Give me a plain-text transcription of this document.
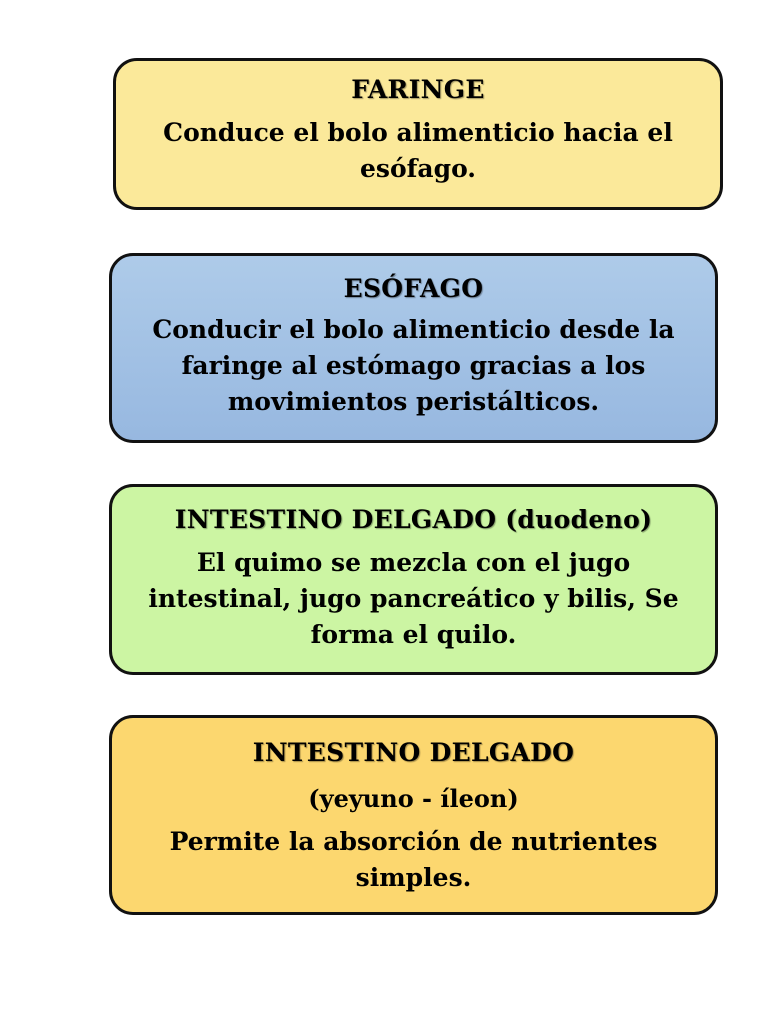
FARINGE

Conduce el bolo alimenticio hacia el esófago.

ESÓFAGO

Conducir el bolo alimenticio desde la faringe al estómago gracias a los movimientos peristálticos.

INTESTINO DELGADO (duodeno)

El quimo se mezcla con el jugo intestinal, jugo pancreático y bilis, Se forma el quilo.

INTESTINO DELGADO

(yeyuno - íleon)

Permite la absorción de nutrientes simples.
